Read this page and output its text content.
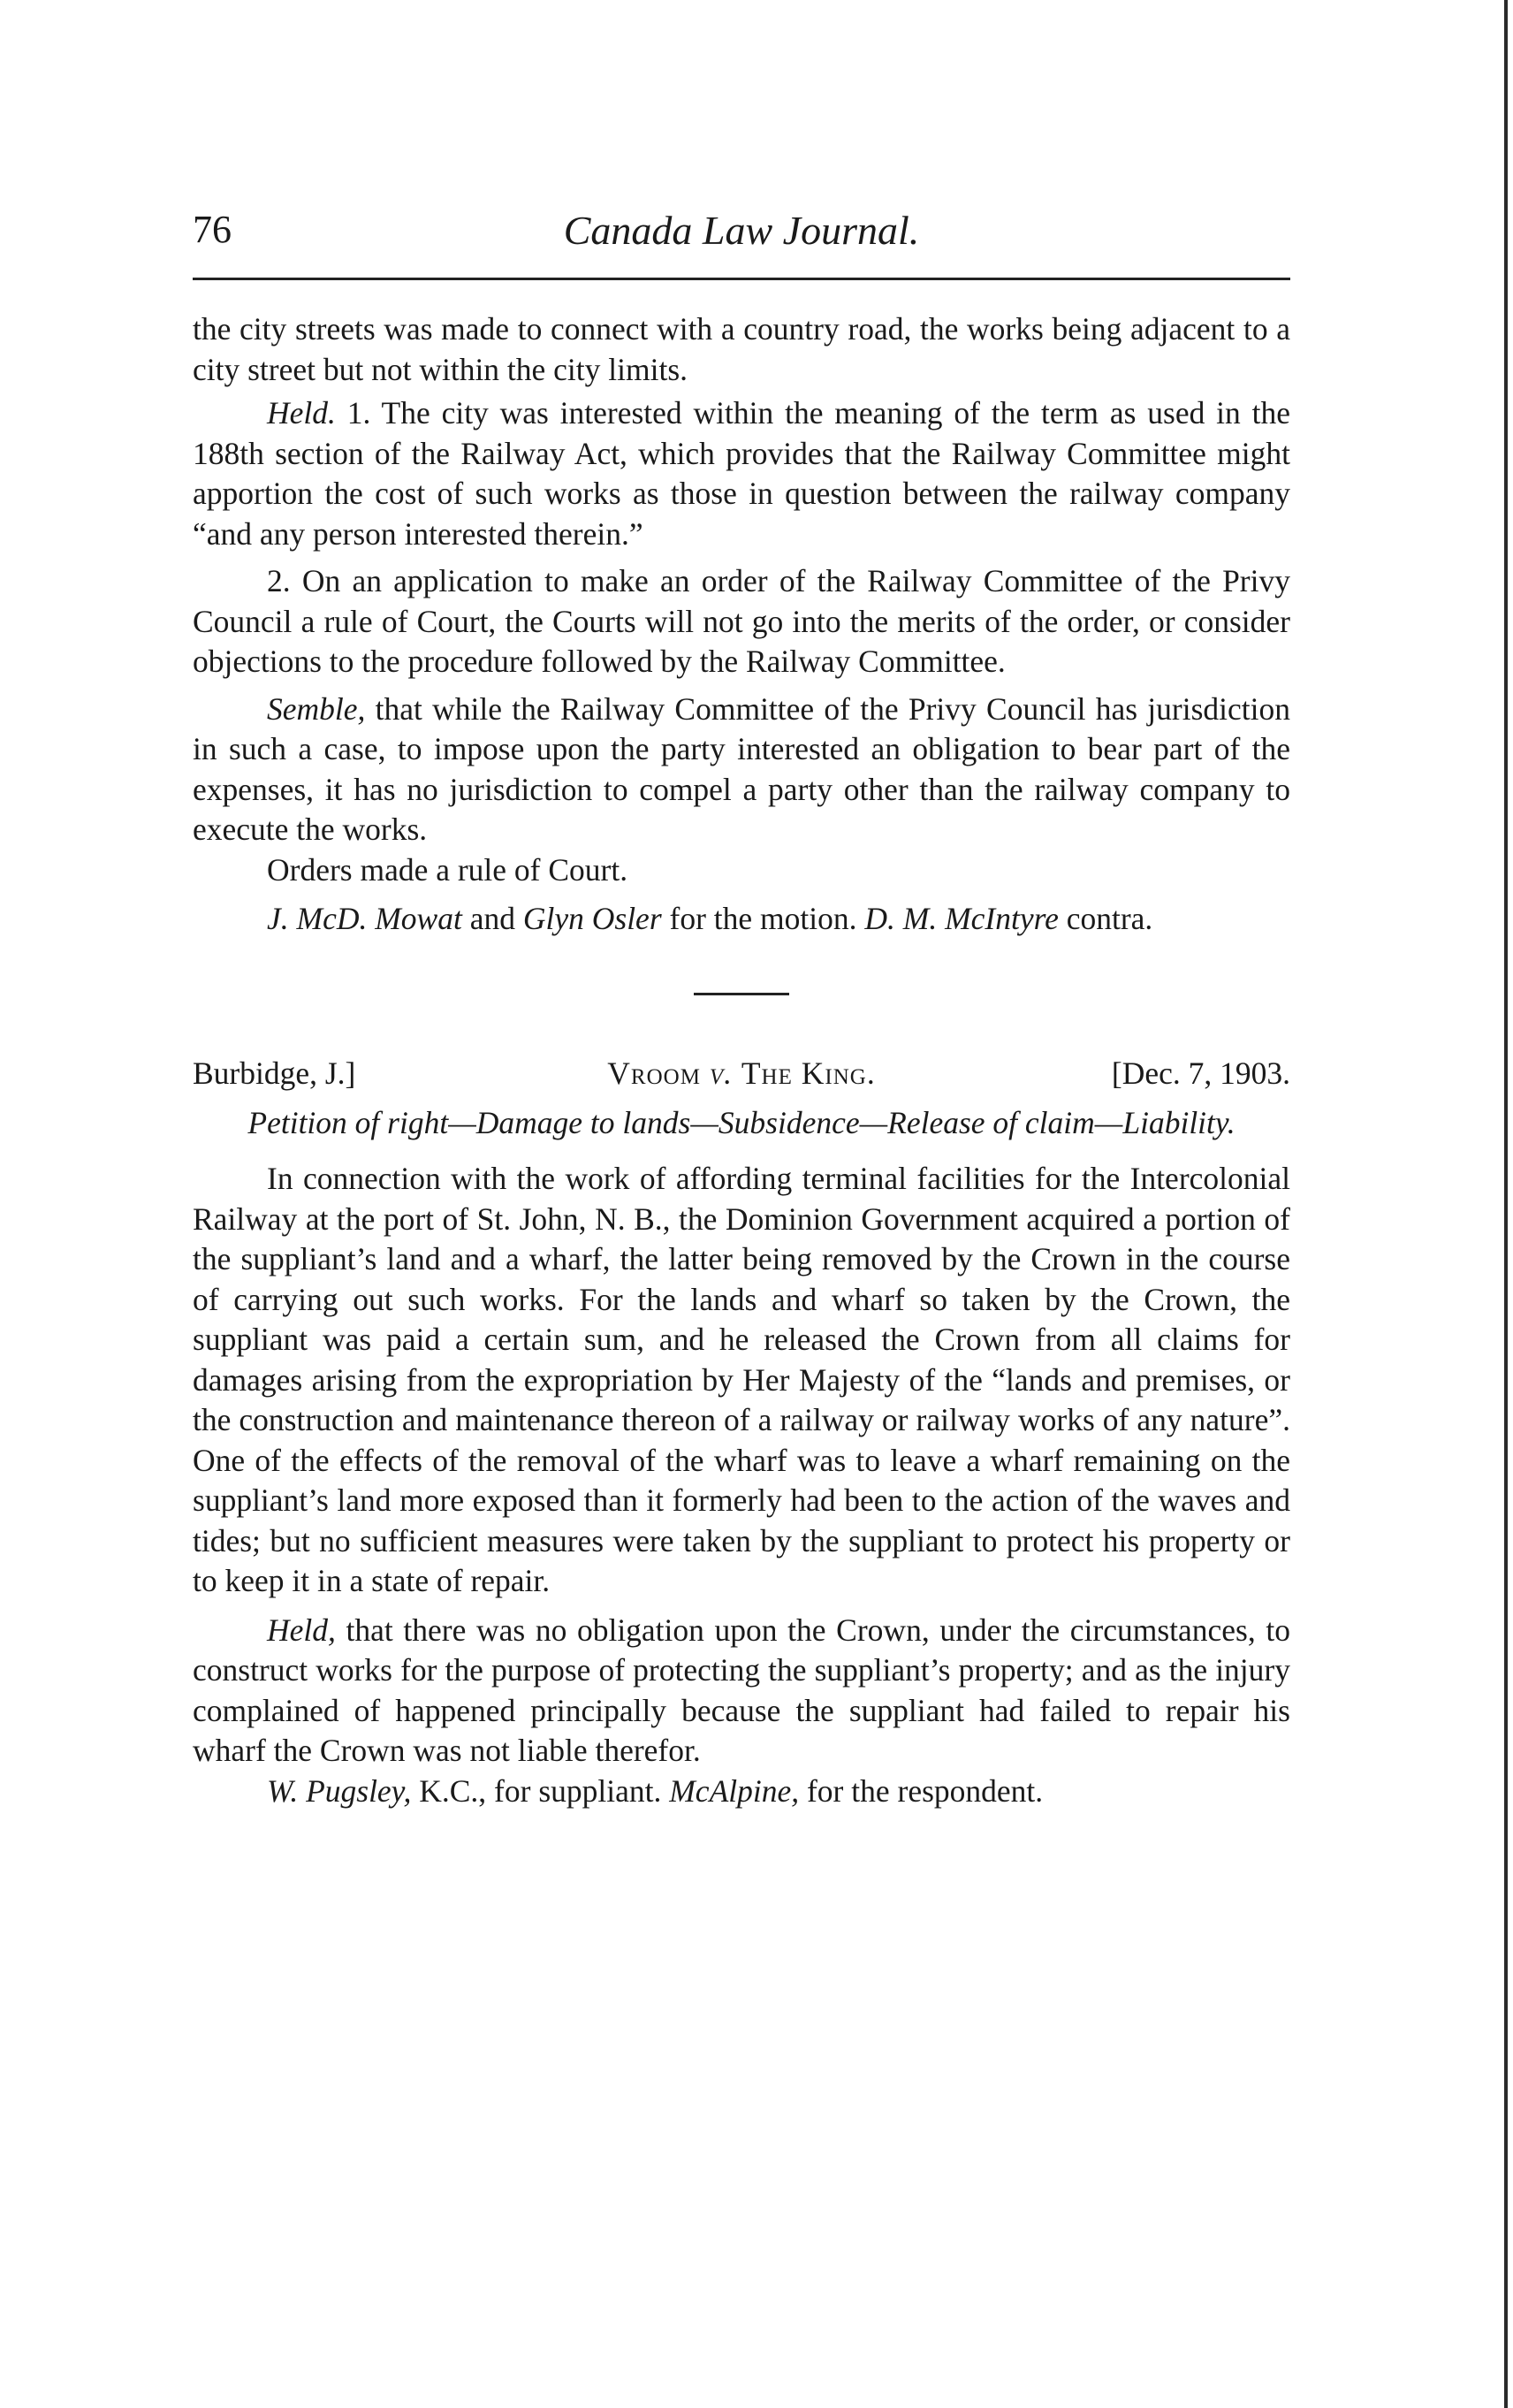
76	Canada Law Journal.

the city streets was made to connect with a country road, the works being adjacent to a city street but not within the city limits.

Held. 1. The city was interested within the meaning of the term as used in the 188th section of the Railway Act, which provides that the Railway Committee might apportion the cost of such works as those in question between the railway company “and any person interested therein.”

2. On an application to make an order of the Railway Committee of the Privy Council a rule of Court, the Courts will not go into the merits of the order, or consider objections to the procedure followed by the Railway Committee.

Semble, that while the Railway Committee of the Privy Council has jurisdiction in such a case, to impose upon the party interested an obligation to bear part of the expenses, it has no jurisdiction to compel a party other than the railway company to execute the works.

Orders made a rule of Court.

J. McD. Mowat and Glyn Osler for the motion. D. M. McIntyre contra.

Burbidge, J.]	Vroom v. The King.	[Dec. 7, 1903.

Petition of right—Damage to lands—Subsidence—Release of claim—Liability.

In connection with the work of affording terminal facilities for the Intercolonial Railway at the port of St. John, N. B., the Dominion Government acquired a portion of the suppliant’s land and a wharf, the latter being removed by the Crown in the course of carrying out such works. For the lands and wharf so taken by the Crown, the suppliant was paid a certain sum, and he released the Crown from all claims for damages arising from the expropriation by Her Majesty of the “lands and premises, or the construction and maintenance thereon of a railway or railway works of any nature”. One of the effects of the removal of the wharf was to leave a wharf remaining on the suppliant’s land more exposed than it formerly had been to the action of the waves and tides; but no sufficient measures were taken by the suppliant to protect his property or to keep it in a state of repair.

Held, that there was no obligation upon the Crown, under the circumstances, to construct works for the purpose of protecting the suppliant’s property; and as the injury complained of happened principally because the suppliant had failed to repair his wharf the Crown was not liable therefor.

W. Pugsley, K.C., for suppliant. McAlpine, for the respondent.
